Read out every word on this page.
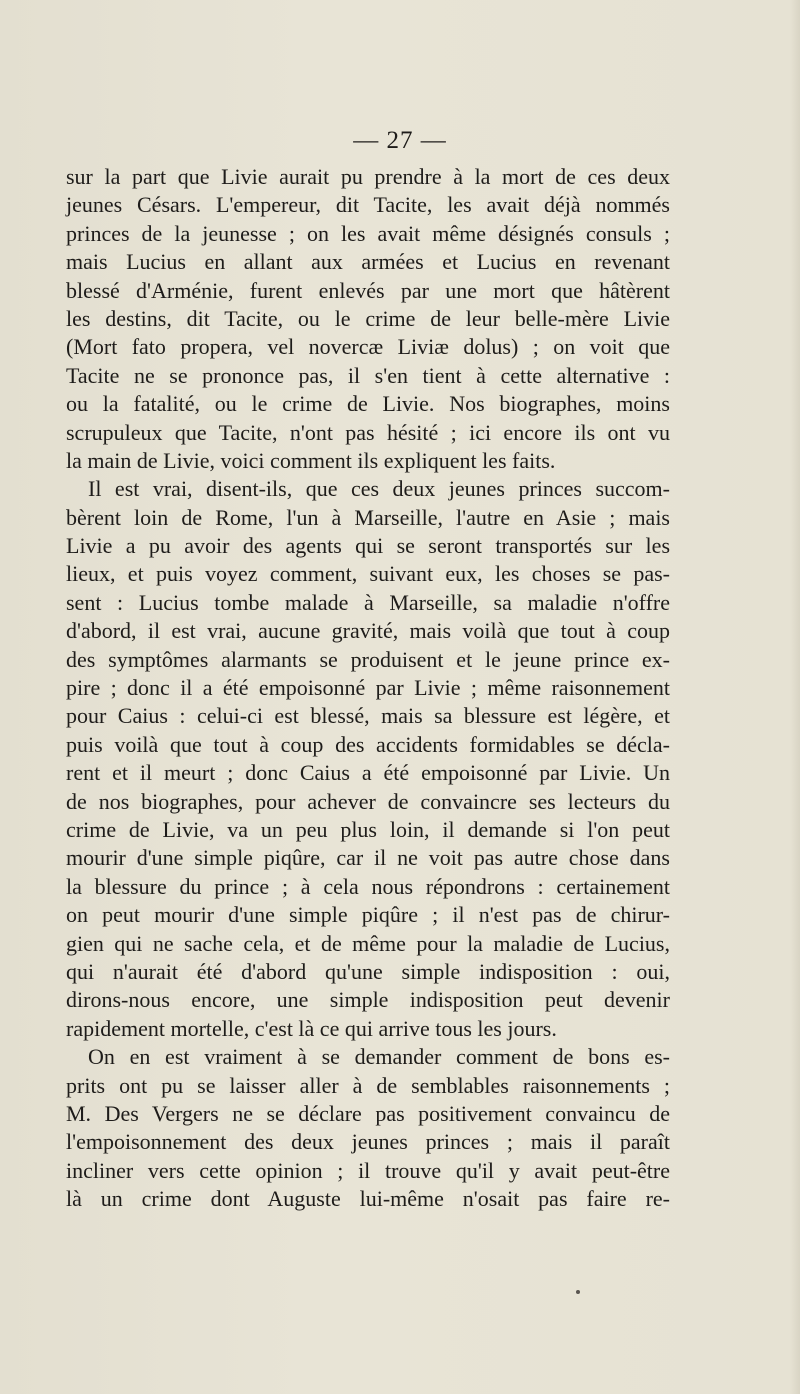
— 27 —
sur la part que Livie aurait pu prendre à la mort de ces deux
jeunes Césars. L'empereur, dit Tacite, les avait déjà nommés
princes de la jeunesse ; on les avait même désignés consuls ;
mais Lucius en allant aux armées et Lucius en revenant
blessé d'Arménie, furent enlevés par une mort que hâtèrent
les destins, dit Tacite, ou le crime de leur belle-mère Livie
(Mort fato propera, vel novercæ Liviæ dolus) ; on voit que
Tacite ne se prononce pas, il s'en tient à cette alternative :
ou la fatalité, ou le crime de Livie. Nos biographes, moins
scrupuleux que Tacite, n'ont pas hésité ; ici encore ils ont vu
la main de Livie, voici comment ils expliquent les faits.
Il est vrai, disent-ils, que ces deux jeunes princes succom-
bèrent loin de Rome, l'un à Marseille, l'autre en Asie ; mais
Livie a pu avoir des agents qui se seront transportés sur les
lieux, et puis voyez comment, suivant eux, les choses se pas-
sent : Lucius tombe malade à Marseille, sa maladie n'offre
d'abord, il est vrai, aucune gravité, mais voilà que tout à coup
des symptômes alarmants se produisent et le jeune prince ex-
pire ; donc il a été empoisonné par Livie ; même raisonnement
pour Caius : celui-ci est blessé, mais sa blessure est légère, et
puis voilà que tout à coup des accidents formidables se décla-
rent et il meurt ; donc Caius a été empoisonné par Livie. Un
de nos biographes, pour achever de convaincre ses lecteurs du
crime de Livie, va un peu plus loin, il demande si l'on peut
mourir d'une simple piqûre, car il ne voit pas autre chose dans
la blessure du prince ; à cela nous répondrons : certainement
on peut mourir d'une simple piqûre ; il n'est pas de chirur-
gien qui ne sache cela, et de même pour la maladie de Lucius,
qui n'aurait été d'abord qu'une simple indisposition : oui,
dirons-nous encore, une simple indisposition peut devenir
rapidement mortelle, c'est là ce qui arrive tous les jours.
On en est vraiment à se demander comment de bons es-
prits ont pu se laisser aller à de semblables raisonnements ;
M. Des Vergers ne se déclare pas positivement convaincu de
l'empoisonnement des deux jeunes princes ; mais il paraît
incliner vers cette opinion ; il trouve qu'il y avait peut-être
là un crime dont Auguste lui-même n'osait pas faire re-
